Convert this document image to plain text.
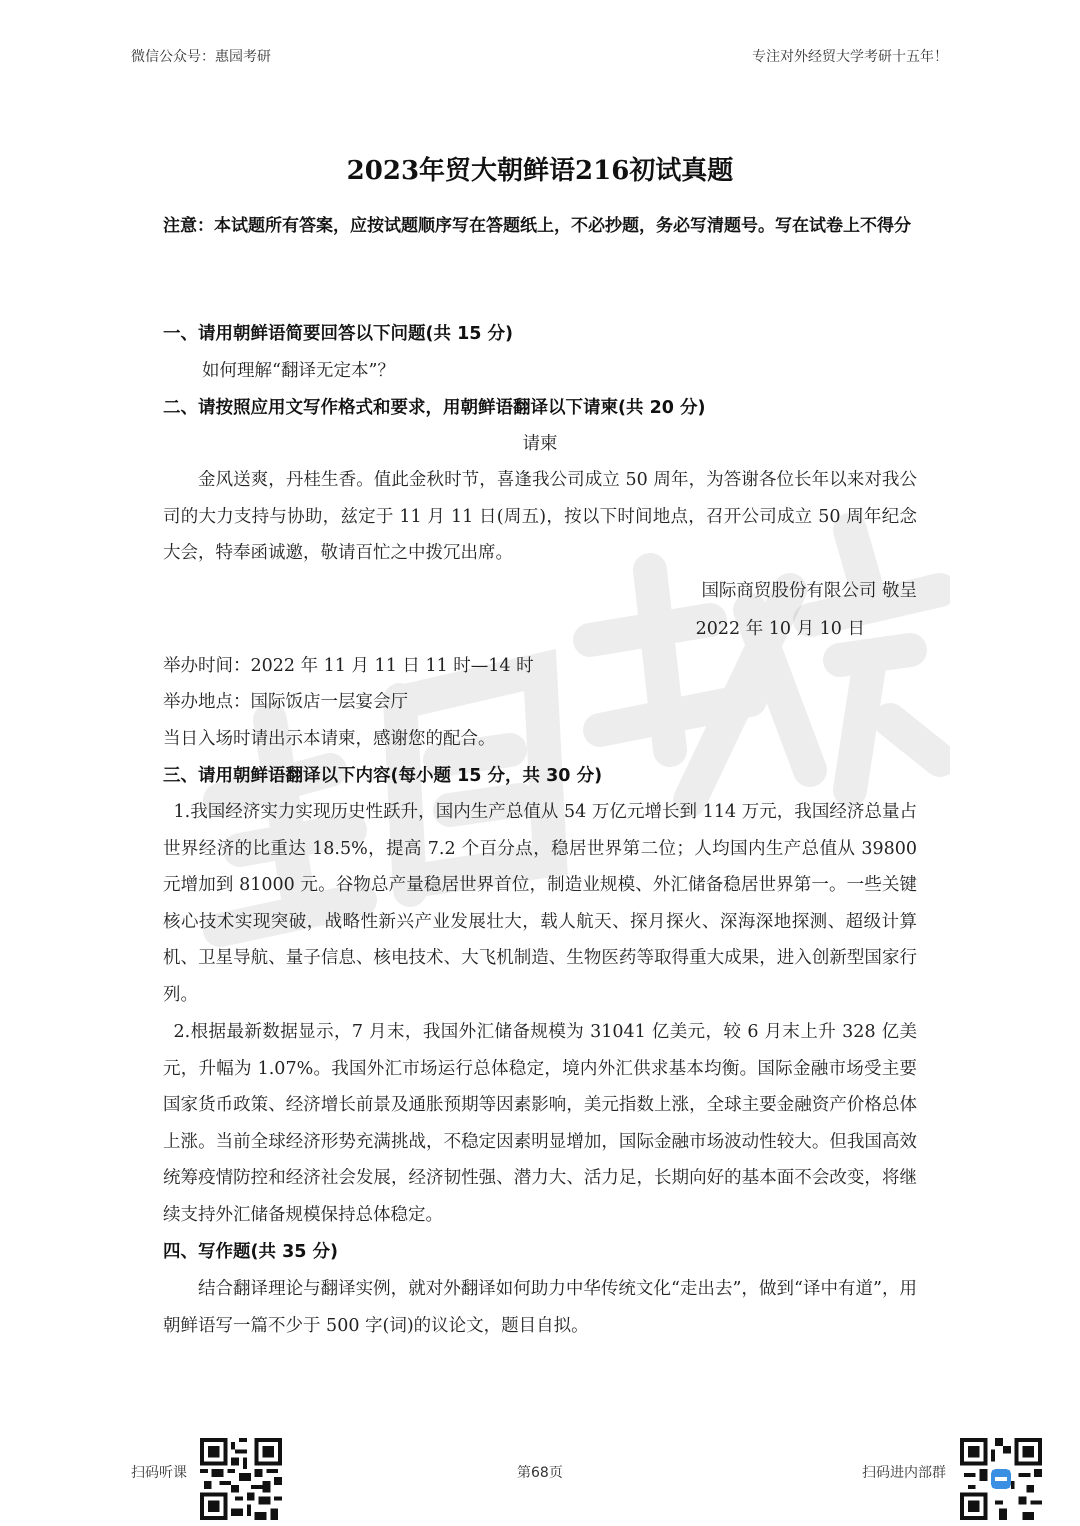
微信公众号：惠园考研	专注对外经贸大学考研十五年！
2023年贸大朝鲜语216初试真题
注意：本试题所有答案，应按试题顺序写在答题纸上，不必抄题，务必写清题号。写在试卷上不得分
一、请用朝鲜语简要回答以下问题(共 15 分)
如何理解“翻译无定本”？
二、请按照应用文写作格式和要求，用朝鲜语翻译以下请柬(共 20 分)
请柬
金风送爽，丹桂生香。值此金秋时节，喜逢我公司成立 50 周年，为答谢各位长年以来对我公司的大力支持与协助，兹定于 11 月 11 日(周五)，按以下时间地点，召开公司成立 50 周年纪念大会，特奉函诚邀，敬请百忙之中拨冗出席。
国际商贸股份有限公司 敬呈
2022 年 10 月 10 日
举办时间：2022 年 11 月 11 日 11 时—14 时
举办地点：国际饭店一层宴会厅
当日入场时请出示本请柬，感谢您的配合。
三、请用朝鲜语翻译以下内容(每小题 15 分，共 30 分)
1.我国经济实力实现历史性跃升，国内生产总值从 54 万亿元增长到 114 万元，我国经济总量占世界经济的比重达 18.5%，提高 7.2 个百分点，稳居世界第二位；人均国内生产总值从 39800 元增加到 81000 元。谷物总产量稳居世界首位，制造业规模、外汇储备稳居世界第一。一些关键核心技术实现突破，战略性新兴产业发展壮大，载人航天、探月探火、深海深地探测、超级计算机、卫星导航、量子信息、核电技术、大飞机制造、生物医药等取得重大成果，进入创新型国家行列。
2.根据最新数据显示，7 月末，我国外汇储备规模为 31041 亿美元，较 6 月末上升 328 亿美元，升幅为 1.07%。我国外汇市场运行总体稳定，境内外汇供求基本均衡。国际金融市场受主要国家货币政策、经济增长前景及通胀预期等因素影响，美元指数上涨，全球主要金融资产价格总体上涨。当前全球经济形势充满挑战，不稳定因素明显增加，国际金融市场波动性较大。但我国高效统筹疫情防控和经济社会发展，经济韧性强、潜力大、活力足，长期向好的基本面不会改变，将继续支持外汇储备规模保持总体稳定。
四、写作题(共 35 分)
结合翻译理论与翻译实例，就对外翻译如何助力中华传统文化“走出去”，做到“译中有道”，用朝鲜语写一篇不少于 500 字(词)的议论文，题目自拟。
扫码听课	第68页	扫码进内部群
